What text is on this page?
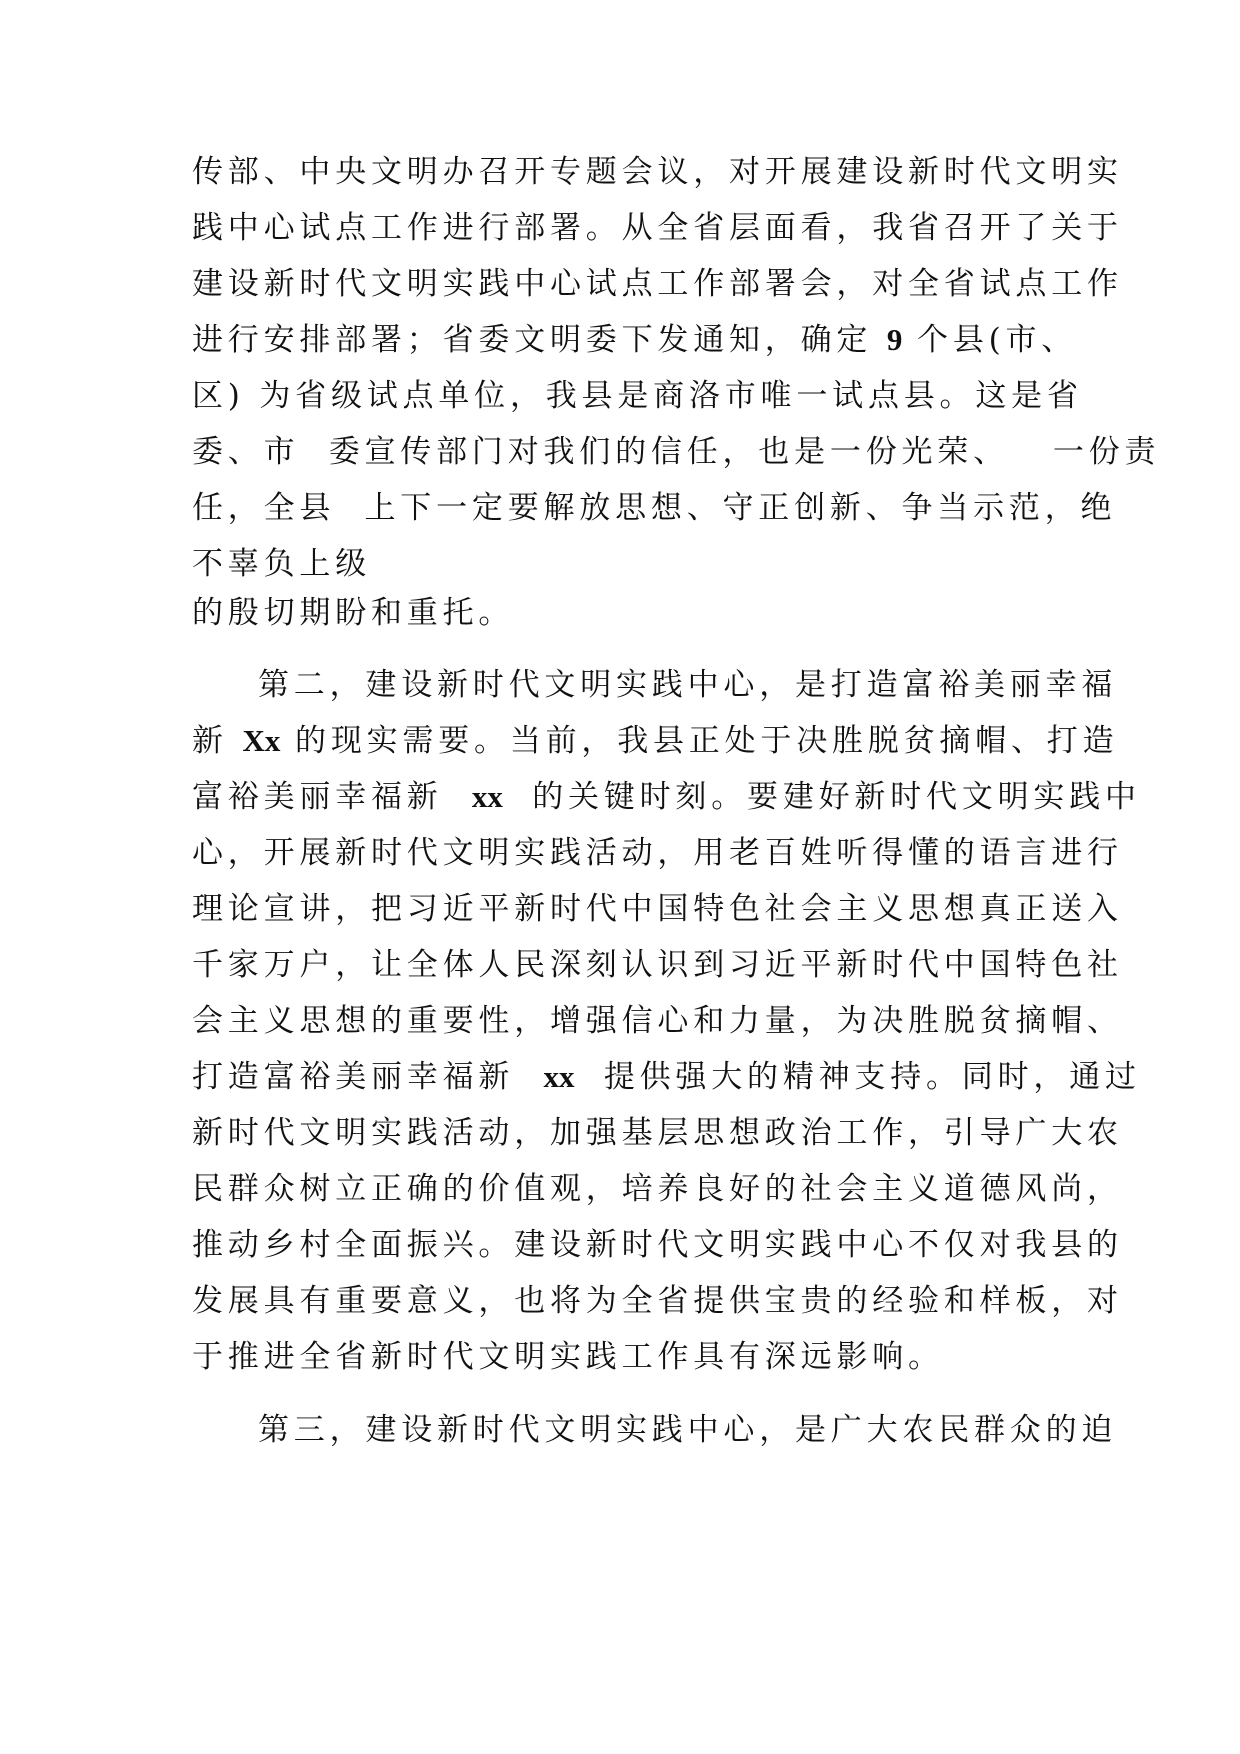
传部、中央文明办召开专题会议，对开展建设新时代文明实
践中心试点工作进行部署。从全省层面看，我省召开了关于
建设新时代文明实践中心试点工作部署会，对全省试点工作
进行安排部署；省委文明委下发通知，确定 9 个县(市、
区) 为省级试点单位，我县是商洛市唯一试点县。这是省
委、市  委宣传部门对我们的信任，也是一份光荣、   一份责
任，全县  上下一定要解放思想、守正创新、争当示范，绝
不辜负上级
的殷切期盼和重托。
第二，建设新时代文明实践中心，是打造富裕美丽幸福
新 Xx 的现实需要。当前，我县正处于决胜脱贫摘帽、打造
富裕美丽幸福新  xx  的关键时刻。要建好新时代文明实践中
心，开展新时代文明实践活动，用老百姓听得懂的语言进行
理论宣讲，把习近平新时代中国特色社会主义思想真正送入
千家万户，让全体人民深刻认识到习近平新时代中国特色社
会主义思想的重要性，增强信心和力量，为决胜脱贫摘帽、
打造富裕美丽幸福新  xx  提供强大的精神支持。同时，通过
新时代文明实践活动，加强基层思想政治工作，引导广大农
民群众树立正确的价值观，培养良好的社会主义道德风尚，
推动乡村全面振兴。建设新时代文明实践中心不仅对我县的
发展具有重要意义，也将为全省提供宝贵的经验和样板，对
于推进全省新时代文明实践工作具有深远影响。
第三，建设新时代文明实践中心，是广大农民群众的迫
